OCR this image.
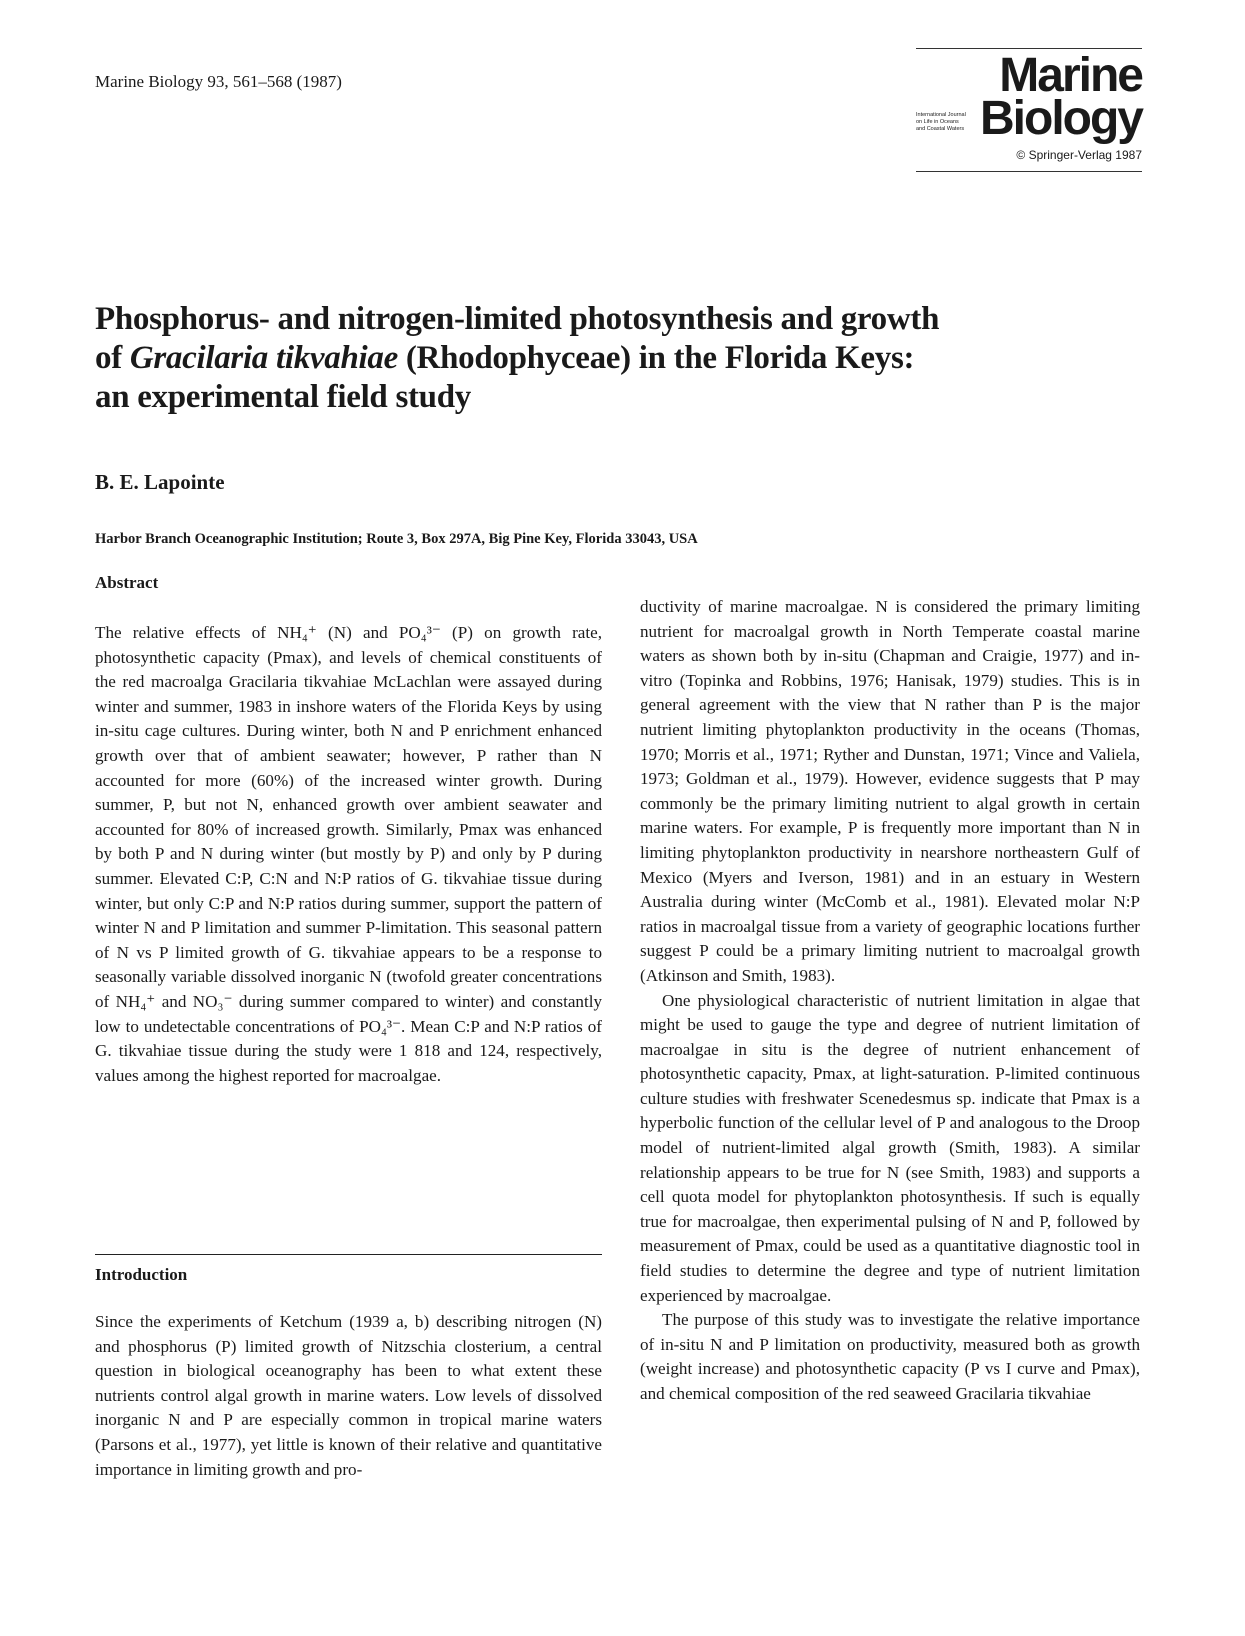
Marine Biology 93, 561–568 (1987)	Marine
Biology
International Journal on Life in Oceans and Coastal Waters
© Springer-Verlag 1987
Phosphorus- and nitrogen-limited photosynthesis and growth
of Gracilaria tikvahiae (Rhodophyceae) in the Florida Keys:
an experimental field study
B. E. Lapointe
Harbor Branch Oceanographic Institution; Route 3, Box 297A, Big Pine Key, Florida 33043, USA
Abstract

The relative effects of NH₄⁺ (N) and PO₄³⁻ (P) on growth rate, photosynthetic capacity (Pmax), and levels of chemical constituents of the red macroalga Gracilaria tikvahiae McLachlan were assayed during winter and summer, 1983 in inshore waters of the Florida Keys by using in-situ cage cultures. During winter, both N and P enrichment enhanced growth over that of ambient seawater; however, P rather than N accounted for more (60%) of the increased winter growth. During summer, P, but not N, enhanced growth over ambient seawater and accounted for 80% of increased growth. Similarly, Pmax was enhanced by both P and N during winter (but mostly by P) and only by P during summer. Elevated C:P, C:N and N:P ratios of G. tikvahiae tissue during winter, but only C:P and N:P ratios during summer, support the pattern of winter N and P limitation and summer P-limitation. This seasonal pattern of N vs P limited growth of G. tikvahiae appears to be a response to seasonally variable dissolved inorganic N (twofold greater concentrations of NH₄⁺ and NO₃⁻ during summer compared to winter) and constantly low to undetectable concentrations of PO₄³⁻. Mean C:P and N:P ratios of G. tikvahiae tissue during the study were 1 818 and 124, respectively, values among the highest reported for macroalgae.

Introduction

Since the experiments of Ketchum (1939 a, b) describing nitrogen (N) and phosphorus (P) limited growth of Nitzschia closterium, a central question in biological oceanography has been to what extent these nutrients control algal growth in marine waters. Low levels of dissolved inorganic N and P are especially common in tropical marine waters (Parsons et al., 1977), yet little is known of their relative and quantitative importance in limiting growth and pro-

ductivity of marine macroalgae. N is considered the primary limiting nutrient for macroalgal growth in North Temperate coastal marine waters as shown both by in-situ (Chapman and Craigie, 1977) and in-vitro (Topinka and Robbins, 1976; Hanisak, 1979) studies. This is in general agreement with the view that N rather than P is the major nutrient limiting phytoplankton productivity in the oceans (Thomas, 1970; Morris et al., 1971; Ryther and Dunstan, 1971; Vince and Valiela, 1973; Goldman et al., 1979). However, evidence suggests that P may commonly be the primary limiting nutrient to algal growth in certain marine waters. For example, P is frequently more important than N in limiting phytoplankton productivity in nearshore northeastern Gulf of Mexico (Myers and Iverson, 1981) and in an estuary in Western Australia during winter (McComb et al., 1981). Elevated molar N:P ratios in macroalgal tissue from a variety of geographic locations further suggest P could be a primary limiting nutrient to macroalgal growth (Atkinson and Smith, 1983).

One physiological characteristic of nutrient limitation in algae that might be used to gauge the type and degree of nutrient limitation of macroalgae in situ is the degree of nutrient enhancement of photosynthetic capacity, Pmax, at light-saturation. P-limited continuous culture studies with freshwater Scenedesmus sp. indicate that Pmax is a hyperbolic function of the cellular level of P and analogous to the Droop model of nutrient-limited algal growth (Smith, 1983). A similar relationship appears to be true for N (see Smith, 1983) and supports a cell quota model for phytoplankton photosynthesis. If such is equally true for macroalgae, then experimental pulsing of N and P, followed by measurement of Pmax, could be used as a quantitative diagnostic tool in field studies to determine the degree and type of nutrient limitation experienced by macroalgae.

The purpose of this study was to investigate the relative importance of in-situ N and P limitation on productivity, measured both as growth (weight increase) and photosynthetic capacity (P vs I curve and Pmax), and chemical composition of the red seaweed Gracilaria tikvahiae
